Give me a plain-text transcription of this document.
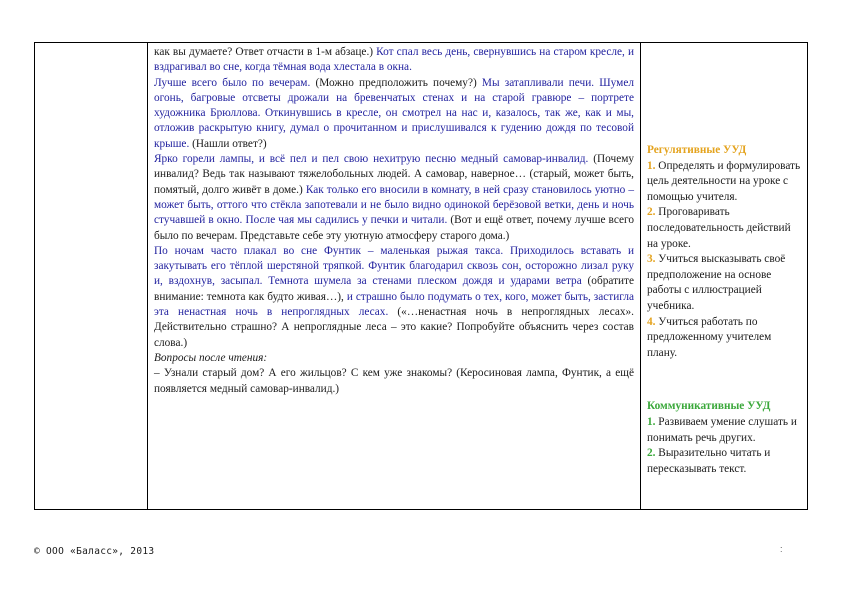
как вы думаете? Ответ отчасти в 1-м абзаце.) Кот спал весь день, свернувшись на старом кресле, и вздрагивал во сне, когда тёмная вода хлестала в окна.

Лучше всего было по вечерам. (Можно предположить почему?) Мы затапливали печи. Шумел огонь, багровые отсветы дрожали на бревенчатых стенах и на старой гравюре – портрете художника Брюллова. Откинувшись в кресле, он смотрел на нас и, казалось, так же, как и мы, отложив раскрытую книгу, думал о прочитанном и прислушивался к гудению дождя по тесовой крыше. (Нашли ответ?)

Ярко горели лампы, и всё пел и пел свою нехитрую песню медный самовар-инвалид. (Почему инвалид? Ведь так называют тяжелобольных людей. А самовар, наверное… (старый, может быть, помятый, долго живёт в доме.) Как только его вносили в комнату, в ней сразу становилось уютно – может быть, оттого что стёкла запотевали и не было видно одинокой берёзовой ветки, день и ночь стучавшей в окно. После чая мы садились у печки и читали. (Вот и ещё ответ, почему лучше всего было по вечерам. Представьте себе эту уютную атмосферу старого дома.)

По ночам часто плакал во сне Фунтик – маленькая рыжая такса. Приходилось вставать и закутывать его тёплой шерстяной тряпкой. Фунтик благодарил сквозь сон, осторожно лизал руку и, вздохнув, засыпал. Темнота шумела за стенами плеском дождя и ударами ветра (обратите внимание: темнота как будто живая…), и страшно было подумать о тех, кого, может быть, застигла эта ненастная ночь в непроглядных лесах. («…ненастная ночь в непроглядных лесах». Действительно страшно? А непроглядные леса – это какие? Попробуйте объяснить через состав слова.)

Вопросы после чтения:

– Узнали старый дом? А его жильцов? С кем уже знакомы? (Керосиновая лампа, Фунтик, а ещё появляется медный самовар-инвалид.)

Регулятивные УУД

1. Определять и формулировать цель деятельности на уроке с помощью учителя.

2. Проговаривать последовательность действий на уроке.

3. Учиться высказывать своё предположение на основе работы с иллюстрацией учебника.

4. Учиться работать по предложенному учителем плану.

Коммуникативные УУД

1. Развиваем умение слушать и понимать речь других.

2. Выразительно читать и пересказывать текст.

© ООО «Баласс», 2013	:
